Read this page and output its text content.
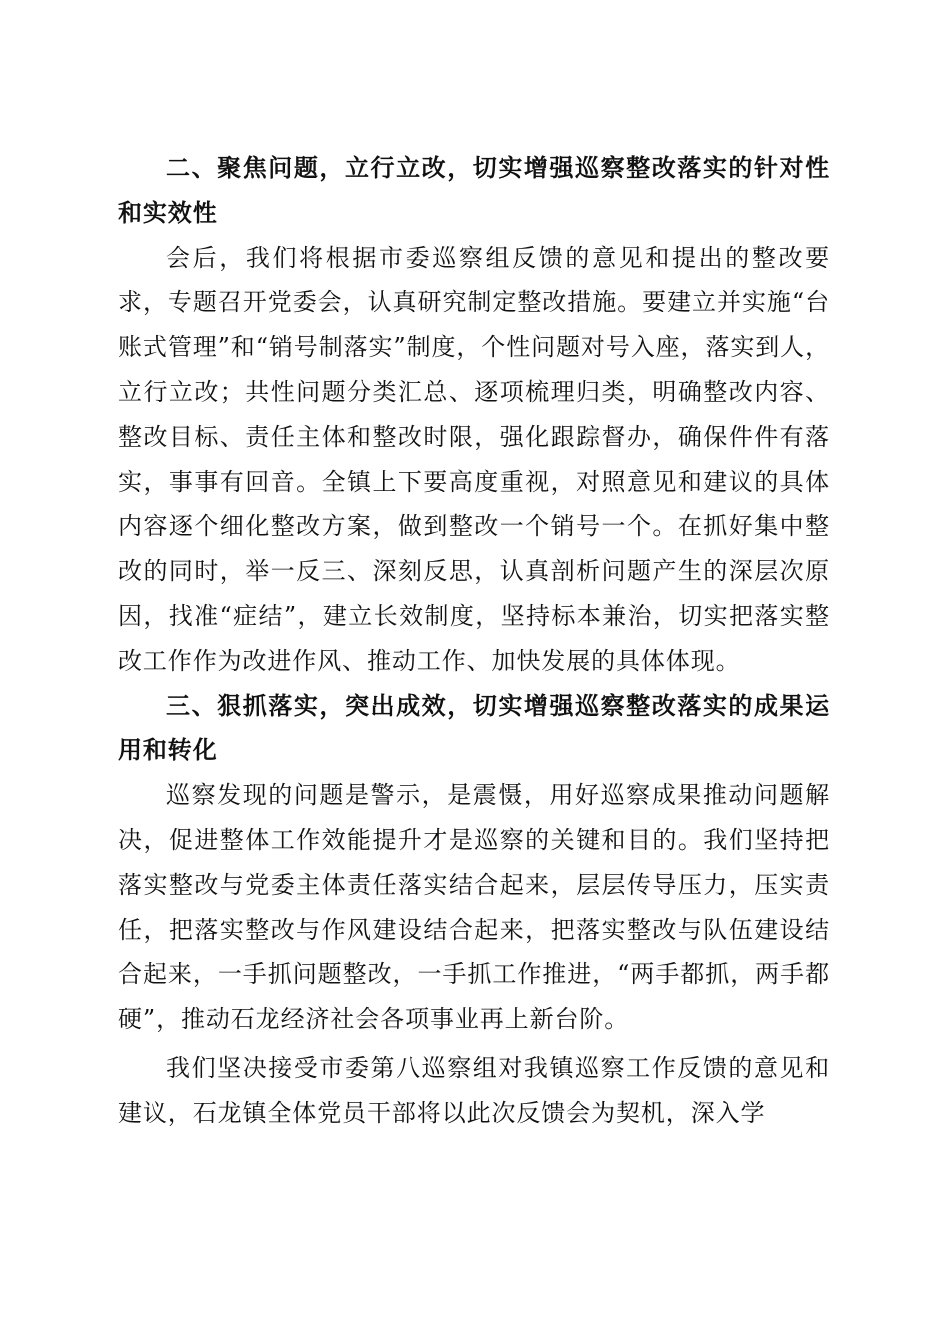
二、聚焦问题，立行立改，切实增强巡察整改落实的针对性和实效性

会后，我们将根据市委巡察组反馈的意见和提出的整改要求，专题召开党委会，认真研究制定整改措施。要建立并实施“台账式管理”和“销号制落实”制度，个性问题对号入座，落实到人，立行立改；共性问题分类汇总、逐项梳理归类，明确整改内容、整改目标、责任主体和整改时限，强化跟踪督办，确保件件有落实，事事有回音。全镇上下要高度重视，对照意见和建议的具体内容逐个细化整改方案，做到整改一个销号一个。在抓好集中整改的同时，举一反三、深刻反思，认真剖析问题产生的深层次原因，找准“症结”，建立长效制度，坚持标本兼治，切实把落实整改工作作为改进作风、推动工作、加快发展的具体体现。

三、狠抓落实，突出成效，切实增强巡察整改落实的成果运用和转化

巡察发现的问题是警示，是震慑，用好巡察成果推动问题解决，促进整体工作效能提升才是巡察的关键和目的。我们坚持把落实整改与党委主体责任落实结合起来，层层传导压力，压实责任，把落实整改与作风建设结合起来，把落实整改与队伍建设结合起来，一手抓问题整改，一手抓工作推进，“两手都抓，两手都硬”，推动石龙经济社会各项事业再上新台阶。

我们坚决接受市委第八巡察组对我镇巡察工作反馈的意见和建议，石龙镇全体党员干部将以此次反馈会为契机，深入学
